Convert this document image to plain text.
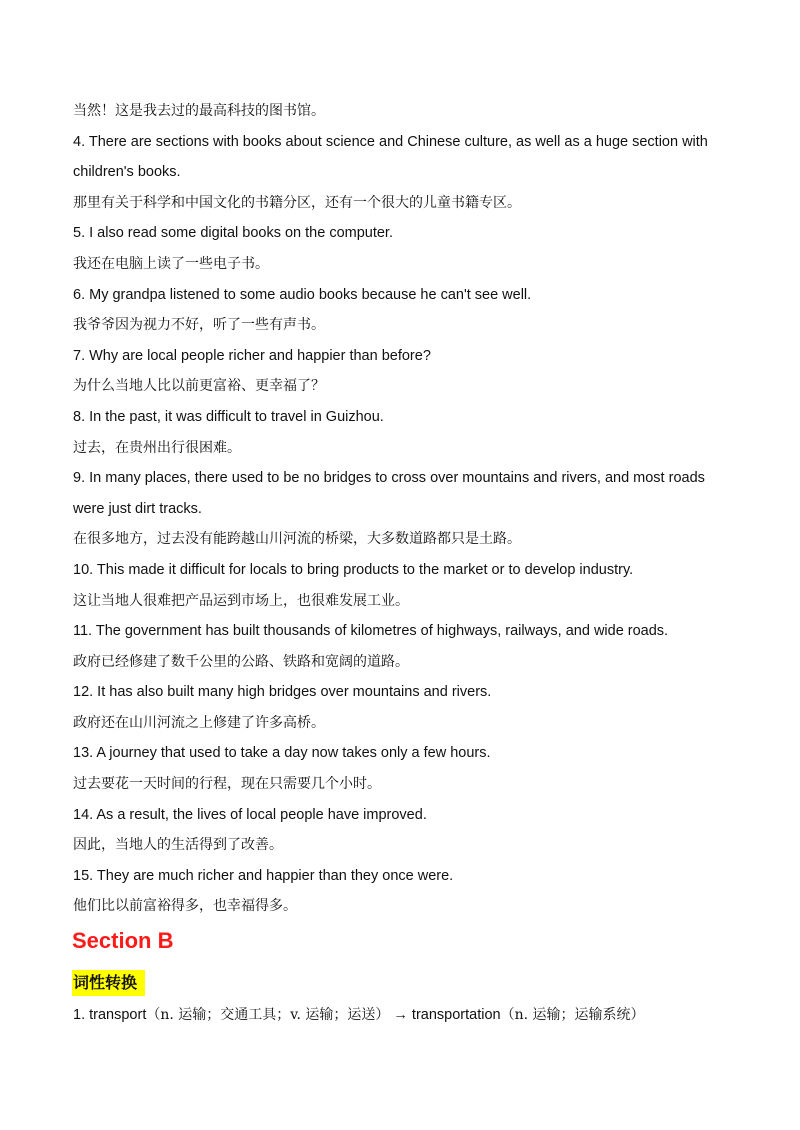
当然！这是我去过的最高科技的图书馆。
4. There are sections with books about science and Chinese culture, as well as a huge section with
children's books.
那里有关于科学和中国文化的书籍分区，还有一个很大的儿童书籍专区。
5. I also read some digital books on the computer.
我还在电脑上读了一些电子书。
6. My grandpa listened to some audio books because he can't see well.
我爷爷因为视力不好，听了一些有声书。
7. Why are local people richer and happier than before?
为什么当地人比以前更富裕、更幸福了？
8. In the past, it was difficult to travel in Guizhou.
过去，在贵州出行很困难。
9. In many places, there used to be no bridges to cross over mountains and rivers, and most roads
were just dirt tracks.
在很多地方，过去没有能跨越山川河流的桥梁，大多数道路都只是土路。
10. This made it difficult for locals to bring products to the market or to develop industry.
这让当地人很难把产品运到市场上，也很难发展工业。
11. The government has built thousands of kilometres of highways, railways, and wide roads.
政府已经修建了数千公里的公路、铁路和宽阔的道路。
12. It has also built many high bridges over mountains and rivers.
政府还在山川河流之上修建了许多高桥。
13. A journey that used to take a day now takes only a few hours.
过去要花一天时间的行程，现在只需要几个小时。
14. As a result, the lives of local people have improved.
因此，当地人的生活得到了改善。
15. They are much richer and happier than they once were.
他们比以前富裕得多，也幸福得多。
Section B
词性转换
1. transport（n. 运输；交通工具；v. 运输；运送） → transportation（n. 运输；运输系统）
